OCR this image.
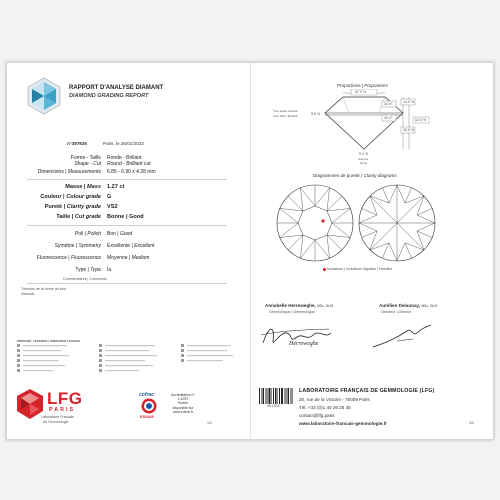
RAPPORT D'ANALYSE DIAMANT
DIAMOND GRADING REPORT
n°397835	Paris, le 26/01/2023
Forme - Taille
Shape - Cut
Ronde - Brillant
Round - Brilliant cut
Dimensions | Measurements 6.85 - 6.90 x 4.28 mm
Masse | Mass 1.27 ct
Couleur | Colour grade G
Pureté | Clarity grade VS2
Taille | Cut grade Bonne | Good
Poli | Polish Bon | Good
Symétrie | Symmetry Excellente | Excellent
Fluorescence | Fluorescence Moyenne | Medium
Type | Type Ia
Commentaires | Comments
Témoins de la forme du brut
Naturals
PRÉPARÉ, LÉGENDE | PREPARED LEGEND
LFG
PARIS
Laboratoire Français
de Gemmologie
cofrac
ESSAIS
Accréditation n°
1-6787
Portée
disponible sur
www.cofrac.fr
1/2
Proportions | Proportions
57.0 %
34.6°	14.5 %
40.4°
42.5 %
62.5 %
5.5 %
Très épais, facetté
Very thick, faceted
0.4 %
Aucune
None
Diagrammes de pureté | Clarity diagrams
Inclusions | Inclusions Aiguilles | Needles
Annabelle Herreweghe, MSc, DUG
Gemmologue | Gemmologist
Herreweghe
Aurélien Delaunay, MSc, DUG
Directeur | Director
397835
LABORATOIRE FRANÇAIS DE GEMMOLOGIE (LFG)
30, rue de la Victoire - 75009 Paris
Tél. +33 (0)1 40 26 25 45
contact@lfg.paris
www.laboratoire-francais-gemmologie.fr	2/2
